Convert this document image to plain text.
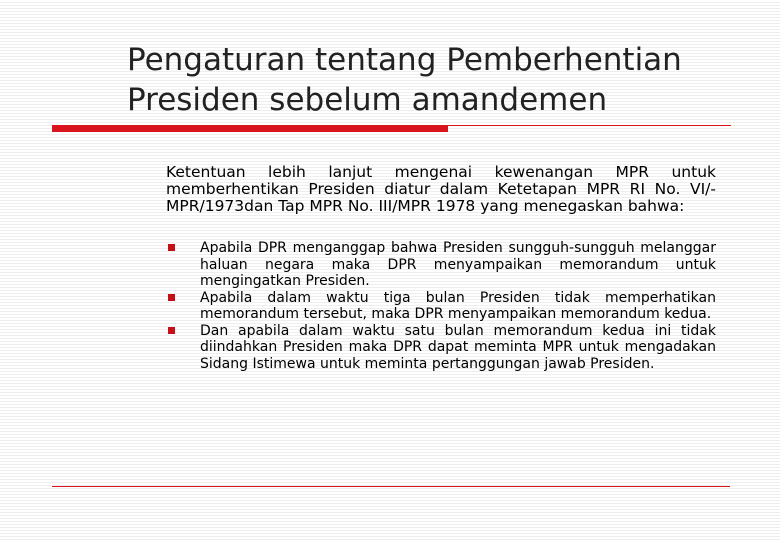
Pengaturan tentang Pemberhentian
Presiden sebelum amandemen
Ketentuan lebih lanjut mengenai kewenangan MPR untuk memberhentikan Presiden diatur dalam Ketetapan MPR RI No. VI/-MPR/1973dan Tap MPR No. III/MPR 1978 yang menegaskan bahwa:
Apabila DPR menganggap bahwa Presiden sungguh-sungguh melanggar haluan negara maka DPR menyampaikan memorandum untuk mengingatkan Presiden.
Apabila dalam waktu tiga bulan Presiden tidak memperhatikan memorandum tersebut, maka DPR menyampaikan memorandum kedua.
Dan apabila dalam waktu satu bulan memorandum kedua ini tidak diindahkan Presiden maka DPR dapat meminta MPR untuk mengadakan Sidang Istimewa untuk meminta pertanggungan jawab Presiden.
